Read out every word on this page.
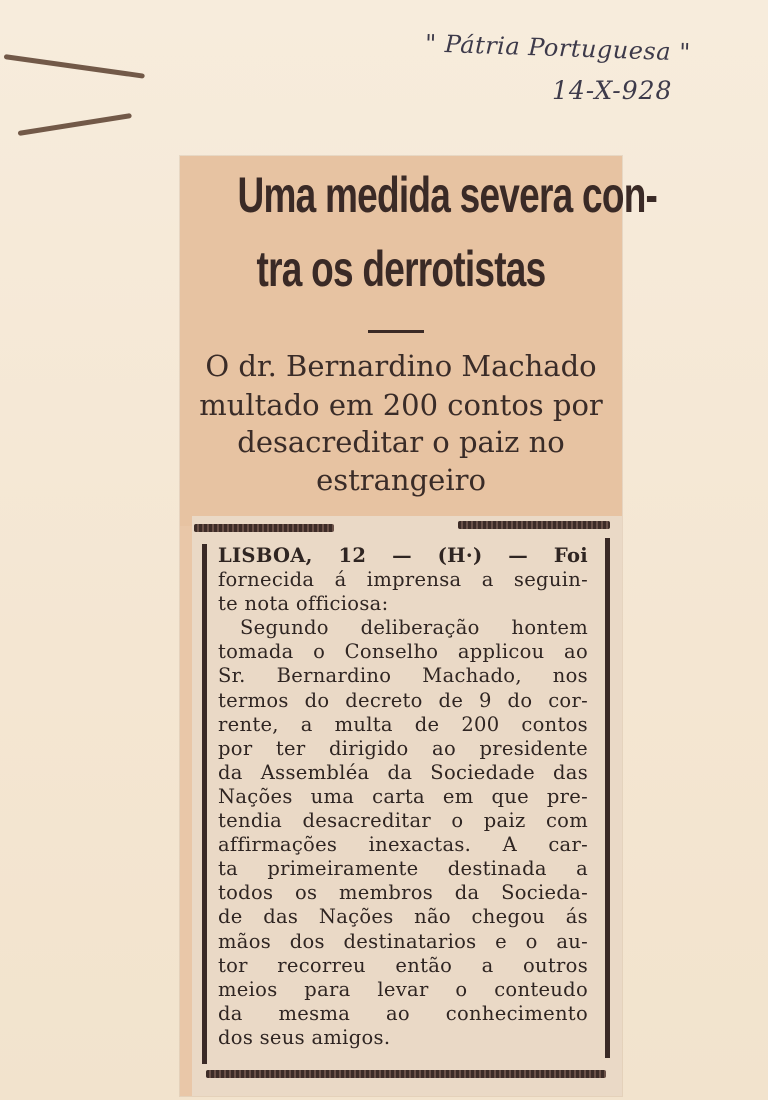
" Pátria Portuguesa "
14-X-928
Uma medida severa con-
tra os derrotistas
O dr. Bernardino Machado
multado em 200 contos por
desacreditar o paiz no
estrangeiro
LISBOA, 12 — (H·) — Foi
fornecida á imprensa a seguin-
te nota officiosa:
Segundo deliberação hontem
tomada o Conselho applicou ao
Sr. Bernardino Machado, nos
termos do decreto de 9 do cor-
rente, a multa de 200 contos
por ter dirigido ao presidente
da Assembléa da Sociedade das
Nações uma carta em que pre-
tendia desacreditar o paiz com
affirmações inexactas. A car-
ta primeiramente destinada a
todos os membros da Socieda-
de das Nações não chegou ás
mãos dos destinatarios e o au-
tor recorreu então a outros
meios para levar o conteudo
da mesma ao conhecimento
dos seus amigos.
